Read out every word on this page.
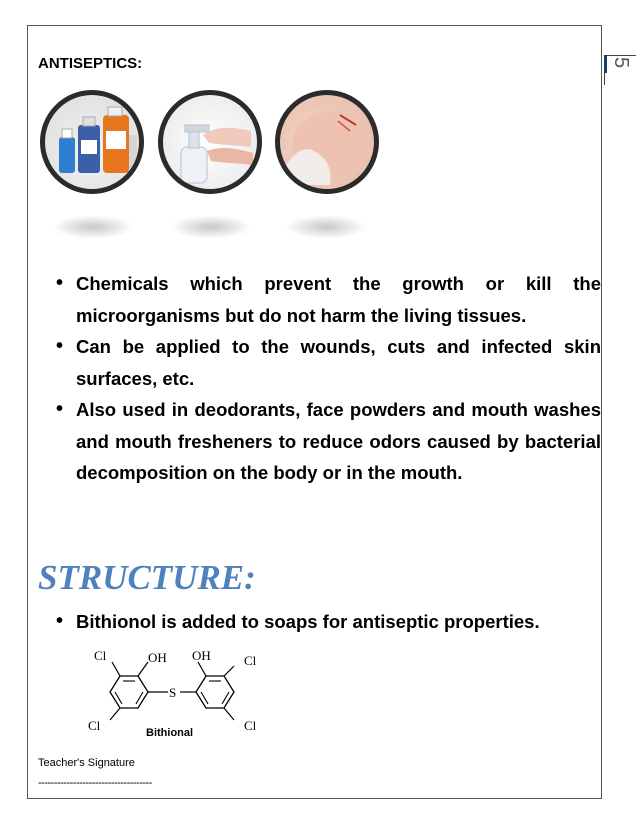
5
ANTISEPTICS:
• Chemicals which prevent the growth or kill the microorganisms but do not harm the living tissues.
• Can be applied to the wounds, cuts and infected skin surfaces, etc.
• Also used in deodorants, face powders and mouth washes and mouth fresheners to reduce odors caused by bacterial decomposition on the body or in the mouth.
STRUCTURE:
• Bithionol is added to soaps for antiseptic properties.
Cl	OH OH	Cl
S
Cl	Cl
Bithional
Teacher's Signature
------------------------------------
